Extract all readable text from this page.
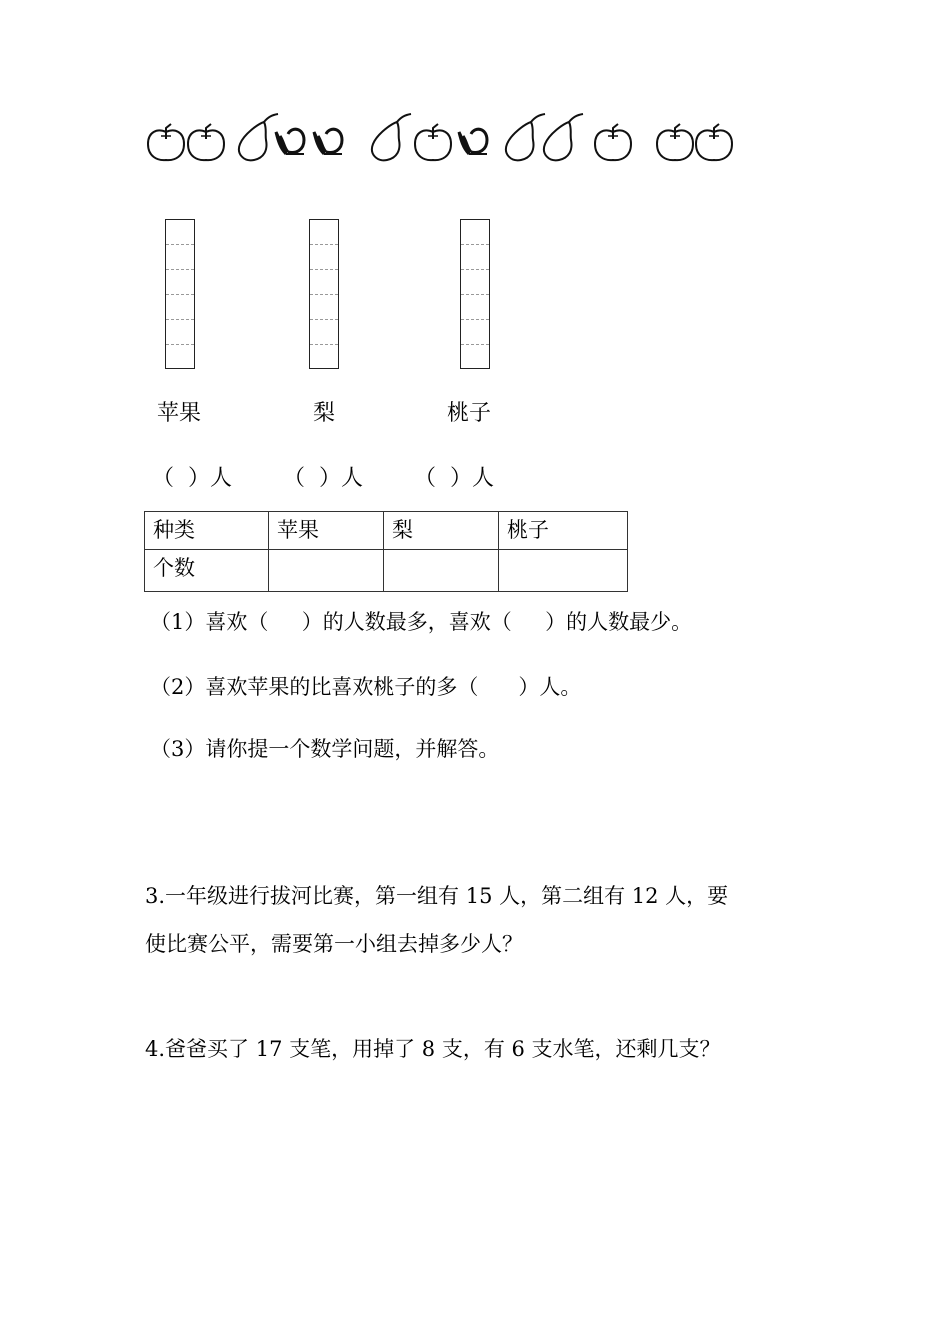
苹果	梨	桃子
（  ）人 （  ）人 （  ）人
种类	苹果	梨	桃子
个数			
（1）喜欢（     ）的人数最多，喜欢（     ）的人数最少。
（2）喜欢苹果的比喜欢桃子的多（      ）人。
（3）请你提一个数学问题，并解答。
3.一年级进行拔河比赛，第一组有 15 人，第二组有 12 人，要
使比赛公平，需要第一小组去掉多少人？
4.爸爸买了 17 支笔，用掉了 8 支，有 6 支水笔，还剩几支？
